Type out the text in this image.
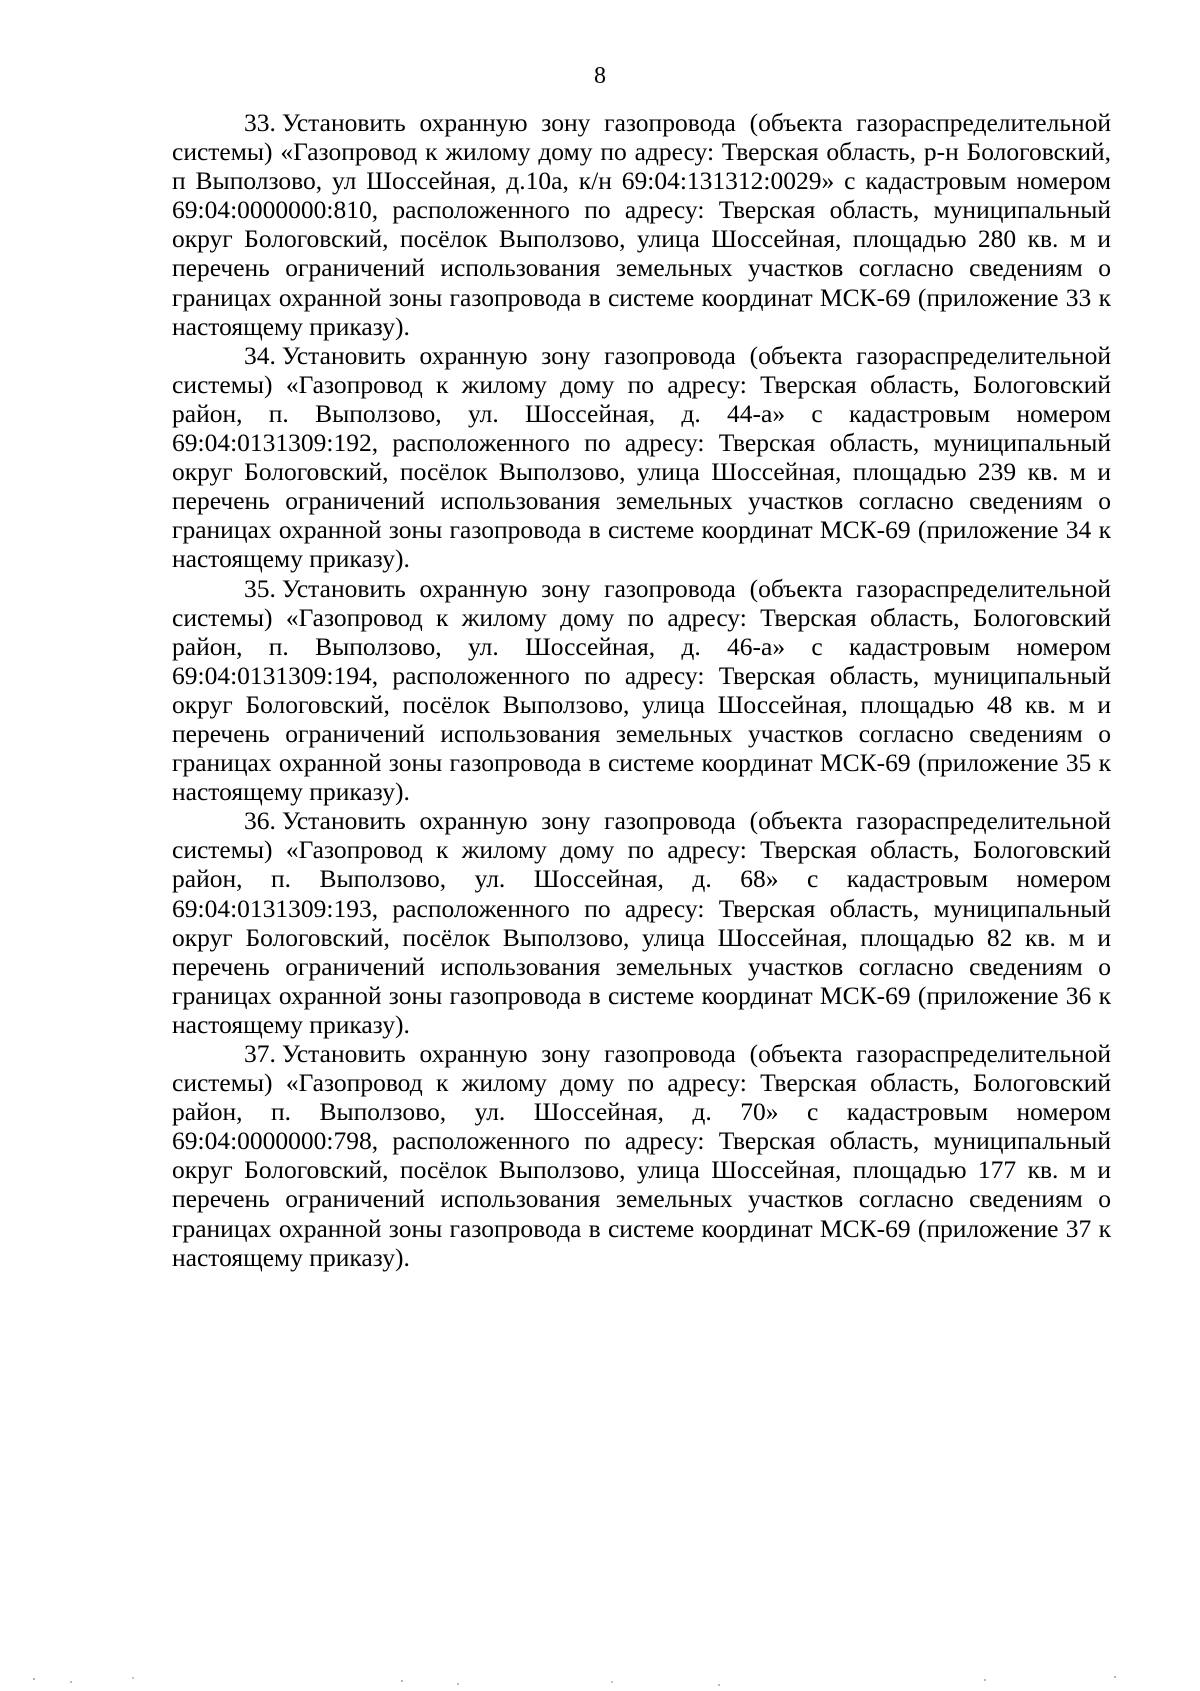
8

33. Установить охранную зону газопровода (объекта газораспределительной системы) «Газопровод к жилому дому по адресу: Тверская область, р-н Бологовский, п Выползово, ул Шоссейная, д.10а, к/н 69:04:131312:0029» с кадастровым номером 69:04:0000000:810, расположенного по адресу: Тверская область, муниципальный округ Бологовский, посёлок Выползово, улица Шоссейная, площадью 280 кв. м и перечень ограничений использования земельных участков согласно сведениям о границах охранной зоны газопровода в системе координат МСК-69 (приложение 33 к настоящему приказу).

34. Установить охранную зону газопровода (объекта газораспределительной системы) «Газопровод к жилому дому по адресу: Тверская область, Бологовский район, п. Выползово, ул. Шоссейная, д. 44-а» с кадастровым номером 69:04:0131309:192, расположенного по адресу: Тверская область, муниципальный округ Бологовский, посёлок Выползово, улица Шоссейная, площадью 239 кв. м и перечень ограничений использования земельных участков согласно сведениям о границах охранной зоны газопровода в системе координат МСК-69 (приложение 34 к настоящему приказу).

35. Установить охранную зону газопровода (объекта газораспределительной системы) «Газопровод к жилому дому по адресу: Тверская область, Бологовский район, п. Выползово, ул. Шоссейная, д. 46-а» с кадастровым номером 69:04:0131309:194, расположенного по адресу: Тверская область, муниципальный округ Бологовский, посёлок Выползово, улица Шоссейная, площадью 48 кв. м и перечень ограничений использования земельных участков согласно сведениям о границах охранной зоны газопровода в системе координат МСК-69 (приложение 35 к настоящему приказу).

36. Установить охранную зону газопровода (объекта газораспределительной системы) «Газопровод к жилому дому по адресу: Тверская область, Бологовский район, п. Выползово, ул. Шоссейная, д. 68» с кадастровым номером 69:04:0131309:193, расположенного по адресу: Тверская область, муниципальный округ Бологовский, посёлок Выползово, улица Шоссейная, площадью 82 кв. м и перечень ограничений использования земельных участков согласно сведениям о границах охранной зоны газопровода в системе координат МСК-69 (приложение 36 к настоящему приказу).

37. Установить охранную зону газопровода (объекта газораспределительной системы) «Газопровод к жилому дому по адресу: Тверская область, Бологовский район, п. Выползово, ул. Шоссейная, д. 70» с кадастровым номером 69:04:0000000:798, расположенного по адресу: Тверская область, муниципальный округ Бологовский, посёлок Выползово, улица Шоссейная, площадью 177 кв. м и перечень ограничений использования земельных участков согласно сведениям о границах охранной зоны газопровода в системе координат МСК-69 (приложение 37 к настоящему приказу).
